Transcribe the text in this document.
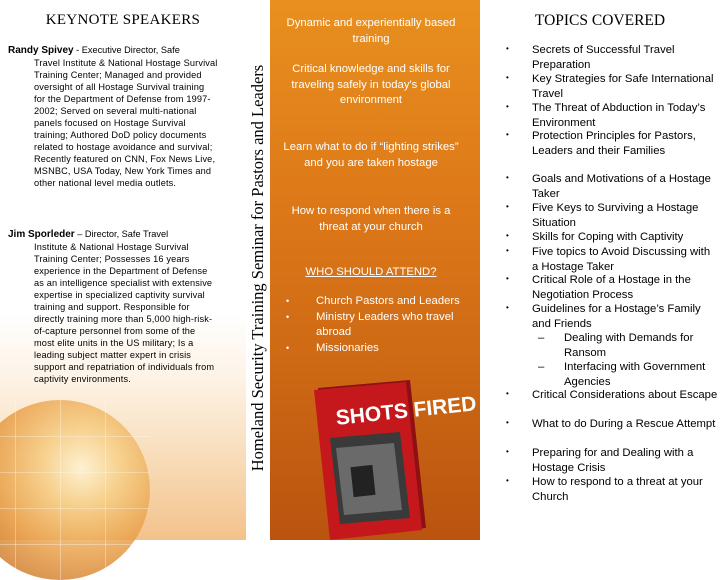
KEYNOTE SPEAKERS
Randy Spivey - Executive Director, Safe
Travel Institute & National Hostage Survival Training Center; Managed and provided oversight of all Hostage Survival training for the Department of Defense from 1997-2002; Served on several multi-national panels focused on Hostage Survival training; Authored DoD policy documents related to hostage avoidance and survival; Recently featured on CNN, Fox News Live, MSNBC, USA Today, New York Times and other national level media outlets.
Jim Sporleder – Director, Safe Travel
Institute & National Hostage Survival Training Center; Possesses 16 years experience in the Department of Defense as an intelligence specialist with extensive expertise in specialized captivity survival training and support. Responsible for directly training more than 5,000 high-risk-of-capture personnel from some of the most elite units in the US military; Is a leading subject matter expert in crisis support and repatriation of individuals from captivity environments.	Homeland Security Training Seminar for Pastors and Leaders
Dynamic and experientially based training
Critical knowledge and skills for traveling safely in today's global environment
Learn what to do if “lighting strikes” and you are taken hostage
How to respond when there is a threat at your church
WHO SHOULD ATTEND?
• Church Pastors and Leaders
• Ministry Leaders who travel abroad
• Missionaries
SHOTS FIRED
TOPICS COVERED
• Secrets of Successful Travel Preparation
• Key Strategies for Safe International Travel
• The Threat of Abduction in Today’s Environment
• Protection Principles for Pastors, Leaders and their Families
• Goals and Motivations of a Hostage Taker
• Five Keys to Surviving a Hostage Situation
• Skills for Coping with Captivity
• Five topics to Avoid Discussing with a Hostage Taker
• Critical Role of a Hostage in the Negotiation Process
• Guidelines for a Hostage’s Family and Friends
–	Dealing with Demands for Ransom
–	Interfacing with Government Agencies
• Critical Considerations about Escape
• What to do During a Rescue Attempt
• Preparing for and Dealing with a Hostage Crisis
• How to respond to a threat at your Church
